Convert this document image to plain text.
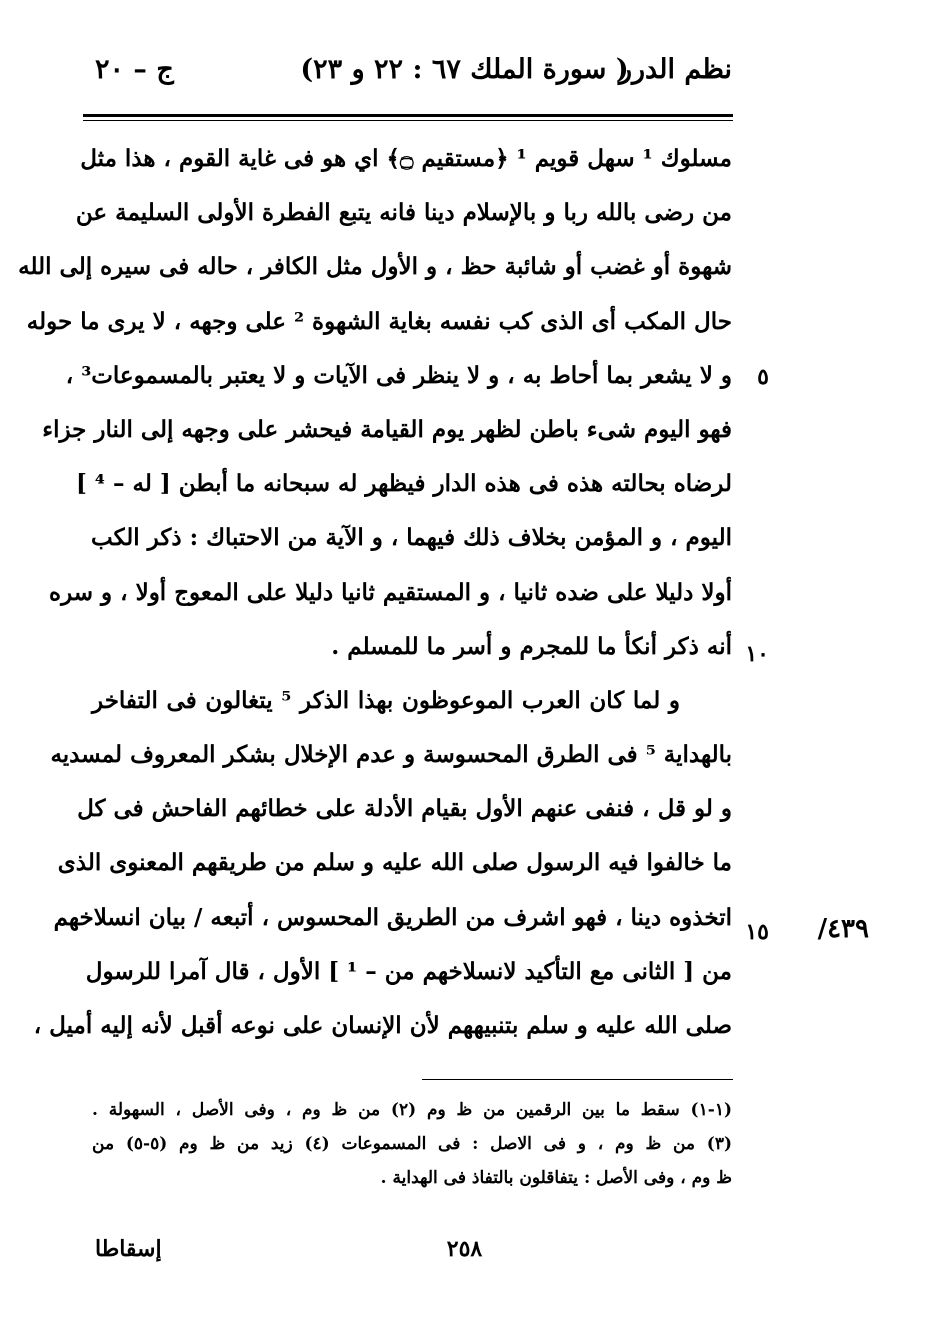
نظم الدرر
( سورة الملك ٦٧ : ٢٢ و ٢٣)
ج – ٢٠
مسلوك ¹ سهل قويم ¹ ﴿مستقيم ۝﴾ اي هو فى غاية القوم ، هذا مثل
من رضى بالله ربا و بالإسلام دينا فانه يتبع الفطرة الأولى السليمة عن
شهوة أو غضب أو شائبة حظ ، و الأول مثل الكافر ، حاله فى سيره إلى الله
حال المكب أى الذى كب نفسه بغاية الشهوة ² على وجهه ، لا يرى ما حوله
و لا يشعر بما أحاط به ، و لا ينظر فى الآيات و لا يعتبر بالمسموعات³ ،
فهو اليوم شىء باطن لظهر يوم القيامة فيحشر على وجهه إلى النار جزاء
لرضاه بحالته هذه فى هذه الدار فيظهر له سبحانه ما أبطن [ له – ⁴ ]
اليوم ، و المؤمن بخلاف ذلك فيهما ، و الآية من الاحتباك : ذكر الكب
أولا دليلا على ضده ثانيا ، و المستقيم ثانيا دليلا على المعوج أولا ، و سره
أنه ذكر أنكأ ما للمجرم و أسر ما للمسلم .
و لما كان العرب الموعوظون بهذا الذكر ⁵ يتغالون فى التفاخر
بالهداية ⁵ فى الطرق المحسوسة و عدم الإخلال بشكر المعروف لمسديه
و لو قل ، فنفى عنهم الأول بقيام الأدلة على خطائهم الفاحش فى كل
ما خالفوا فيه الرسول صلى الله عليه و سلم من طريقهم المعنوى الذى
اتخذوه دينا ، فهو اشرف من الطريق المحسوس ، أتبعه / بيان انسلاخهم
من [ الثانى مع التأكيد لانسلاخهم من – ¹ ] الأول ، قال آمرا للرسول
صلى الله عليه و سلم بتنبيههم لأن الإنسان على نوعه أقبل لأنه إليه أميل ،
٥
١٠
١٥ ٤٣٩/
(١-١) سقط ما بين الرقمين من ظ وم (٢) من ظ وم ، وفى الأصل ، السهولة .
(٣) من ظ وم ، و فى الاصل : فى المسموعات (٤) زيد من ظ وم (٥-٥) من
ظ وم ، وفى الأصل : يتفاقلون بالتفاذ فى الهداية .
٢٥٨
إسقاطا
